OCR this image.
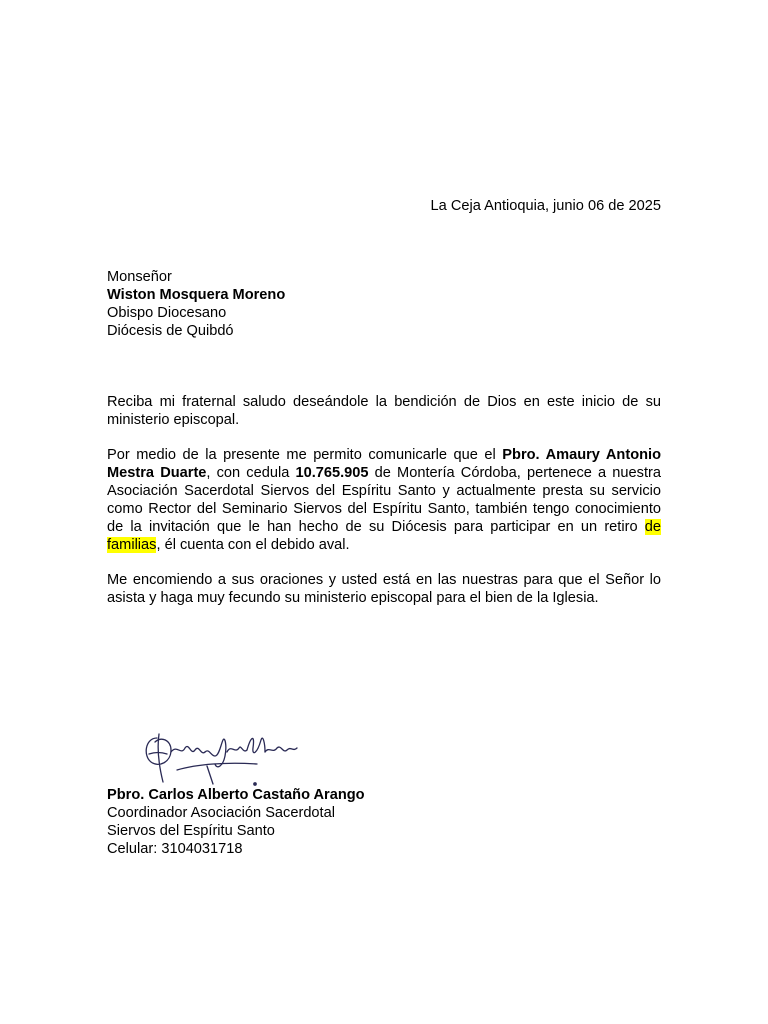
La Ceja Antioquia, junio 06 de 2025
Monseñor
Wiston Mosquera Moreno
Obispo Diocesano
Diócesis de Quibdó

Reciba mi fraternal saludo deseándole la bendición de Dios en este inicio de su ministerio episcopal.

Por medio de la presente me permito comunicarle que el Pbro. Amaury Antonio Mestra Duarte, con cedula 10.765.905 de Montería Córdoba, pertenece a nuestra Asociación Sacerdotal Siervos del Espíritu Santo y actualmente presta su servicio como Rector del Seminario Siervos del Espíritu Santo, también tengo conocimiento de la invitación que le han hecho de su Diócesis para participar en un retiro de familias, él cuenta con el debido aval.

Me encomiendo a sus oraciones y usted está en las nuestras para que el Señor lo asista y haga muy fecundo su ministerio episcopal para el bien de la Iglesia.

Pbro. Carlos Alberto Castaño Arango
Coordinador Asociación Sacerdotal
Siervos del Espíritu Santo
Celular: 3104031718
